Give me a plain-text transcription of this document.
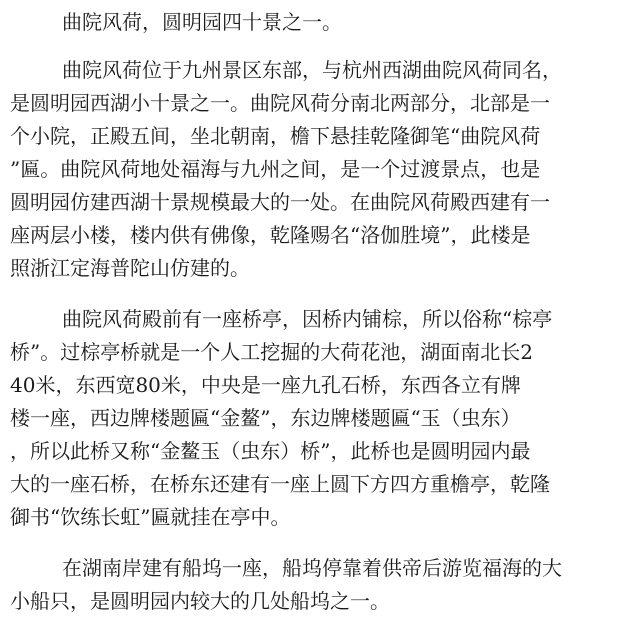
曲院风荷，圆明园四十景之一。
曲院风荷位于九州景区东部，与杭州西湖曲院风荷同名，
是圆明园西湖小十景之一。曲院风荷分南北两部分，北部是一
个小院，正殿五间，坐北朝南，檐下悬挂乾隆御笔“曲院风荷
”匾。曲院风荷地处福海与九州之间，是一个过渡景点，也是
圆明园仿建西湖十景规模最大的一处。在曲院风荷殿西建有一
座两层小楼，楼内供有佛像，乾隆赐名“洛伽胜境”，此楼是
照浙江定海普陀山仿建的。
曲院风荷殿前有一座桥亭，因桥内铺棕，所以俗称“棕亭
桥”。过棕亭桥就是一个人工挖掘的大荷花池，湖面南北长2
40米，东西宽80米，中央是一座九孔石桥，东西各立有牌
楼一座，西边牌楼题匾“金鳌”，东边牌楼题匾“玉（虫东）
，所以此桥又称“金鳌玉（虫东）桥”，此桥也是圆明园内最
大的一座石桥，在桥东还建有一座上圆下方四方重檐亭，乾隆
御书“饮练长虹”匾就挂在亭中。
在湖南岸建有船坞一座，船坞停靠着供帝后游览福海的大
小船只，是圆明园内较大的几处船坞之一。
